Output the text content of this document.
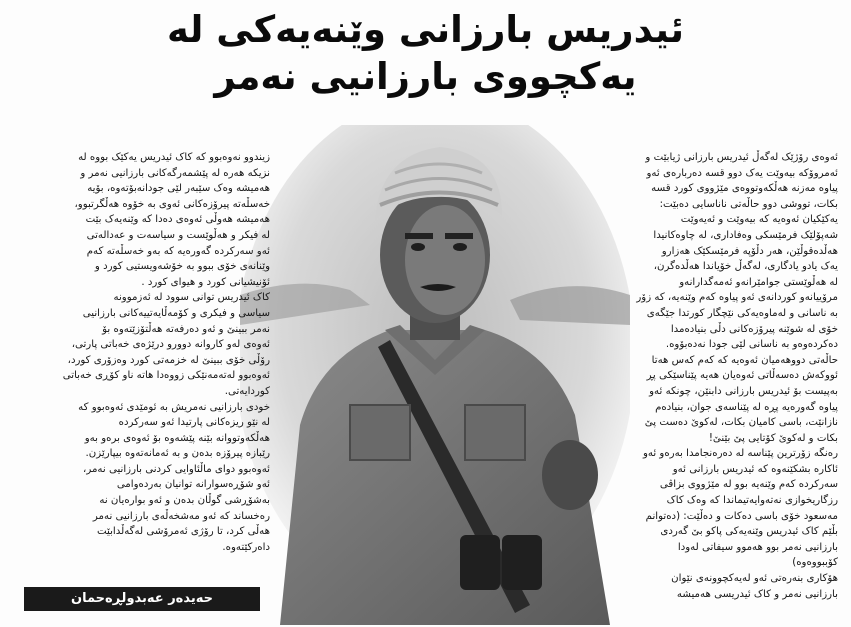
ئیدریس بارزانی وێنەیەکی لە
یەکچووی بارزانیی نەمر
زیندوو نەوەبوو کە کاک ئیدریس یەکێک بووە لە
نزیکە هەرە لە پێشمەرگەکانی بارزانیی نەمر و
هەمیشە وەک سێبەر لێی جودانەبۆتەوە، بۆیە
خەسڵەتە پیرۆزەکانی ئەوی بە خۆوە هەڵگرتبوو،
هەمیشە هەوڵی ئەوەی دەدا کە وێنەیەک بێت
لە فیکر و هەڵوێست و سیاسەت و عەدالەتی
ئەو سەرکردە گەورەیە کە بەو خەسڵەتە کەم
وێنانەی خۆی ببوو بە خۆشەویستیی کورد و
ئۆنیشیانی کورد و هیوای کورد .
کاک ئیدریس توانی سوود لە ئەزموونە
سیاسی و فیکری و کۆمەڵایەتییەکانی بارزانیی
نەمر ببینێ و ئەو دەرفەتە هەڵتۆزێتەوە بۆ
ئەوەی لەو کاروانە دوورو درێژەی خەباتی پارتی،
رۆڵی خۆی ببینێ لە خزمەتی کورد وەزۆری کورد،
ئەوەبوو لەتەمەنێکی زووەدا هاتە ناو کۆڕی خەباتی
کوردایەتی.
خودی بارزانیی نەمریش بە ئومێدی ئەوەبوو کە
لە نێو ریزەکانی پارتیدا ئەو سەرکردە
هەڵکەوتووانە بێنە پێشەوە بۆ ئەوەی برەو بەو
رێبازە پیرۆزە بدەن و بە ئەمانەتەوە بیپارێزن.
ئەوەبوو دوای ماڵئاوایی کردنی بارزانیی نەمر،
ئەو شۆڕەسوارانە توانیان بەردەوامی
بەشۆڕشی گوڵان بدەن و ئەو بوارەیان نە
رەخساند کە ئەو مەشخەڵەی بارزانیی نەمر
هەڵی کرد، تا رۆژی ئەمرۆشی لەگەڵدابێت
داەرکێتەوە.
ئەوەی رۆژێک لەگەڵ ئیدریس بارزانی ژیابێت و
ئەمروۆکە بیەوێت یەک دوو قسە دەربارەی ئەو
پیاوە مەزنە هەڵکەوتووەی مێژووی کورد قسە
بکات، تووشی دوو حاڵەتی ناناسایی دەبێت:
یەکێکیان ئەوەیە کە بیەوێت و ئەیەوێت
شەپۆلێک فرمێسکی وەفاداری، لە چاوەکانیدا
هەڵدەقوڵێن، هەر دڵۆپە فرمێسکێک هەزارو
یەک یادو یادگاری، لەگەڵ خۆیاندا هەڵدەگرن،
لە هەڵوێستی جوامێرانەو ئەمەگدارانەو
مرۆییانەو کوردانەی ئەو پیاوە کەم وێنەیە، کە زۆر
بە ناسانی و لەماوەیەکی نێچگار کورتدا جێگەی
خۆی لە شوێنە پیرۆزەکانی دڵی بنیادەمدا
دەکردەوەو بە ناسانی لێی جودا نەدەبۆوە.
حاڵەتی دووهەمیان ئەوەیە کە کەم کەس هەتا
ئووکەش دەسەڵاتی ئەوەیان هەیە پێناسێکی پڕ
بەپیست بۆ ئیدریس بارزانی دابنێن، چونکە ئەو
پیاوە گەورەیە پڕە لە پێناسەی جوان، بنیادەم
نازانێت، باسی کامیان بکات، لەکوێ دەست پێ
بکات و لەکوێ کۆتایی پێ بێنێ!
رەنگە زۆرترین پێناسە لە دەرەنجامدا بەرەو ئەو
ئاکارە بشکێنەوە کە ئیدریس بارزانی ئەو
سەرکردە کەم وێنەیە بوو لە مێژووی بزاڤی
رزگاریخوازی نەتەوایەتیماندا کە وەک کاک
مەسعود خۆی باسی دەکات و دەڵێت: (دەتوانم
بڵێم کاک ئیدریس وێنەیەکی پاکو بێ گەردی
بارزانیی نەمر بوو هەموو سیفاتی لەودا
کۆببووەوە)
هۆکاری بنەرەتی ئەو لەیەکچوونەی نێوان
بارزانیی نەمر و کاک ئیدریسی هەمیشە
حەیدەر عەبدولڕەحمان
